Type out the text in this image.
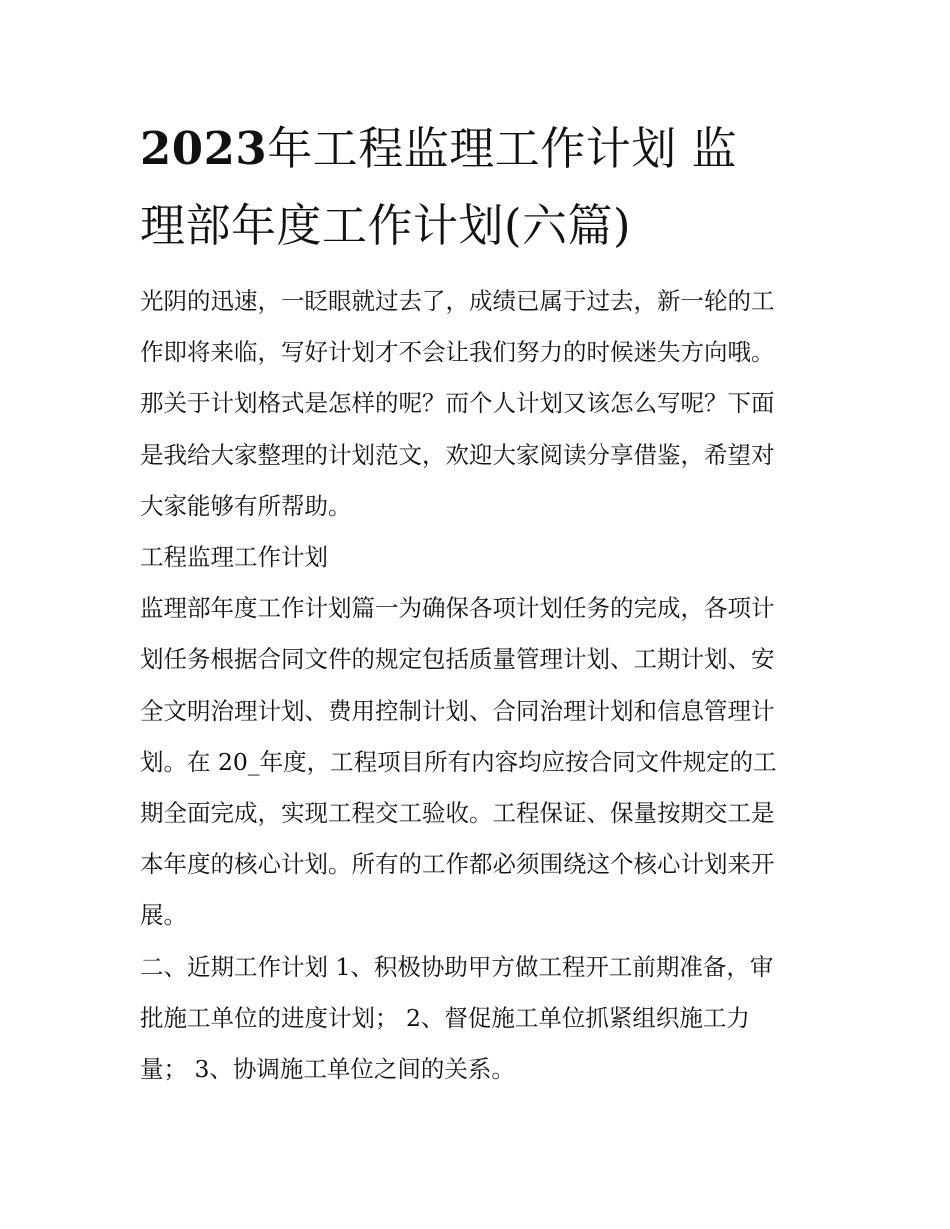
2023年工程监理工作计划 监
理部年度工作计划(六篇)

光阴的迅速，一眨眼就过去了，成绩已属于过去，新一轮的工
作即将来临，写好计划才不会让我们努力的时候迷失方向哦。
那关于计划格式是怎样的呢？而个人计划又该怎么写呢？下面
是我给大家整理的计划范文，欢迎大家阅读分享借鉴，希望对
大家能够有所帮助。

工程监理工作计划

监理部年度工作计划篇一为确保各项计划任务的完成，各项计
划任务根据合同文件的规定包括质量管理计划、工期计划、安
全文明治理计划、费用控制计划、合同治理计划和信息管理计
划。在 20_年度，工程项目所有内容均应按合同文件规定的工
期全面完成，实现工程交工验收。工程保证、保量按期交工是
本年度的核心计划。所有的工作都必须围绕这个核心计划来开
展。

二、近期工作计划 1、积极协助甲方做工程开工前期准备，审
批施工单位的进度计划； 2、督促施工单位抓紧组织施工力
量； 3、协调施工单位之间的关系。
